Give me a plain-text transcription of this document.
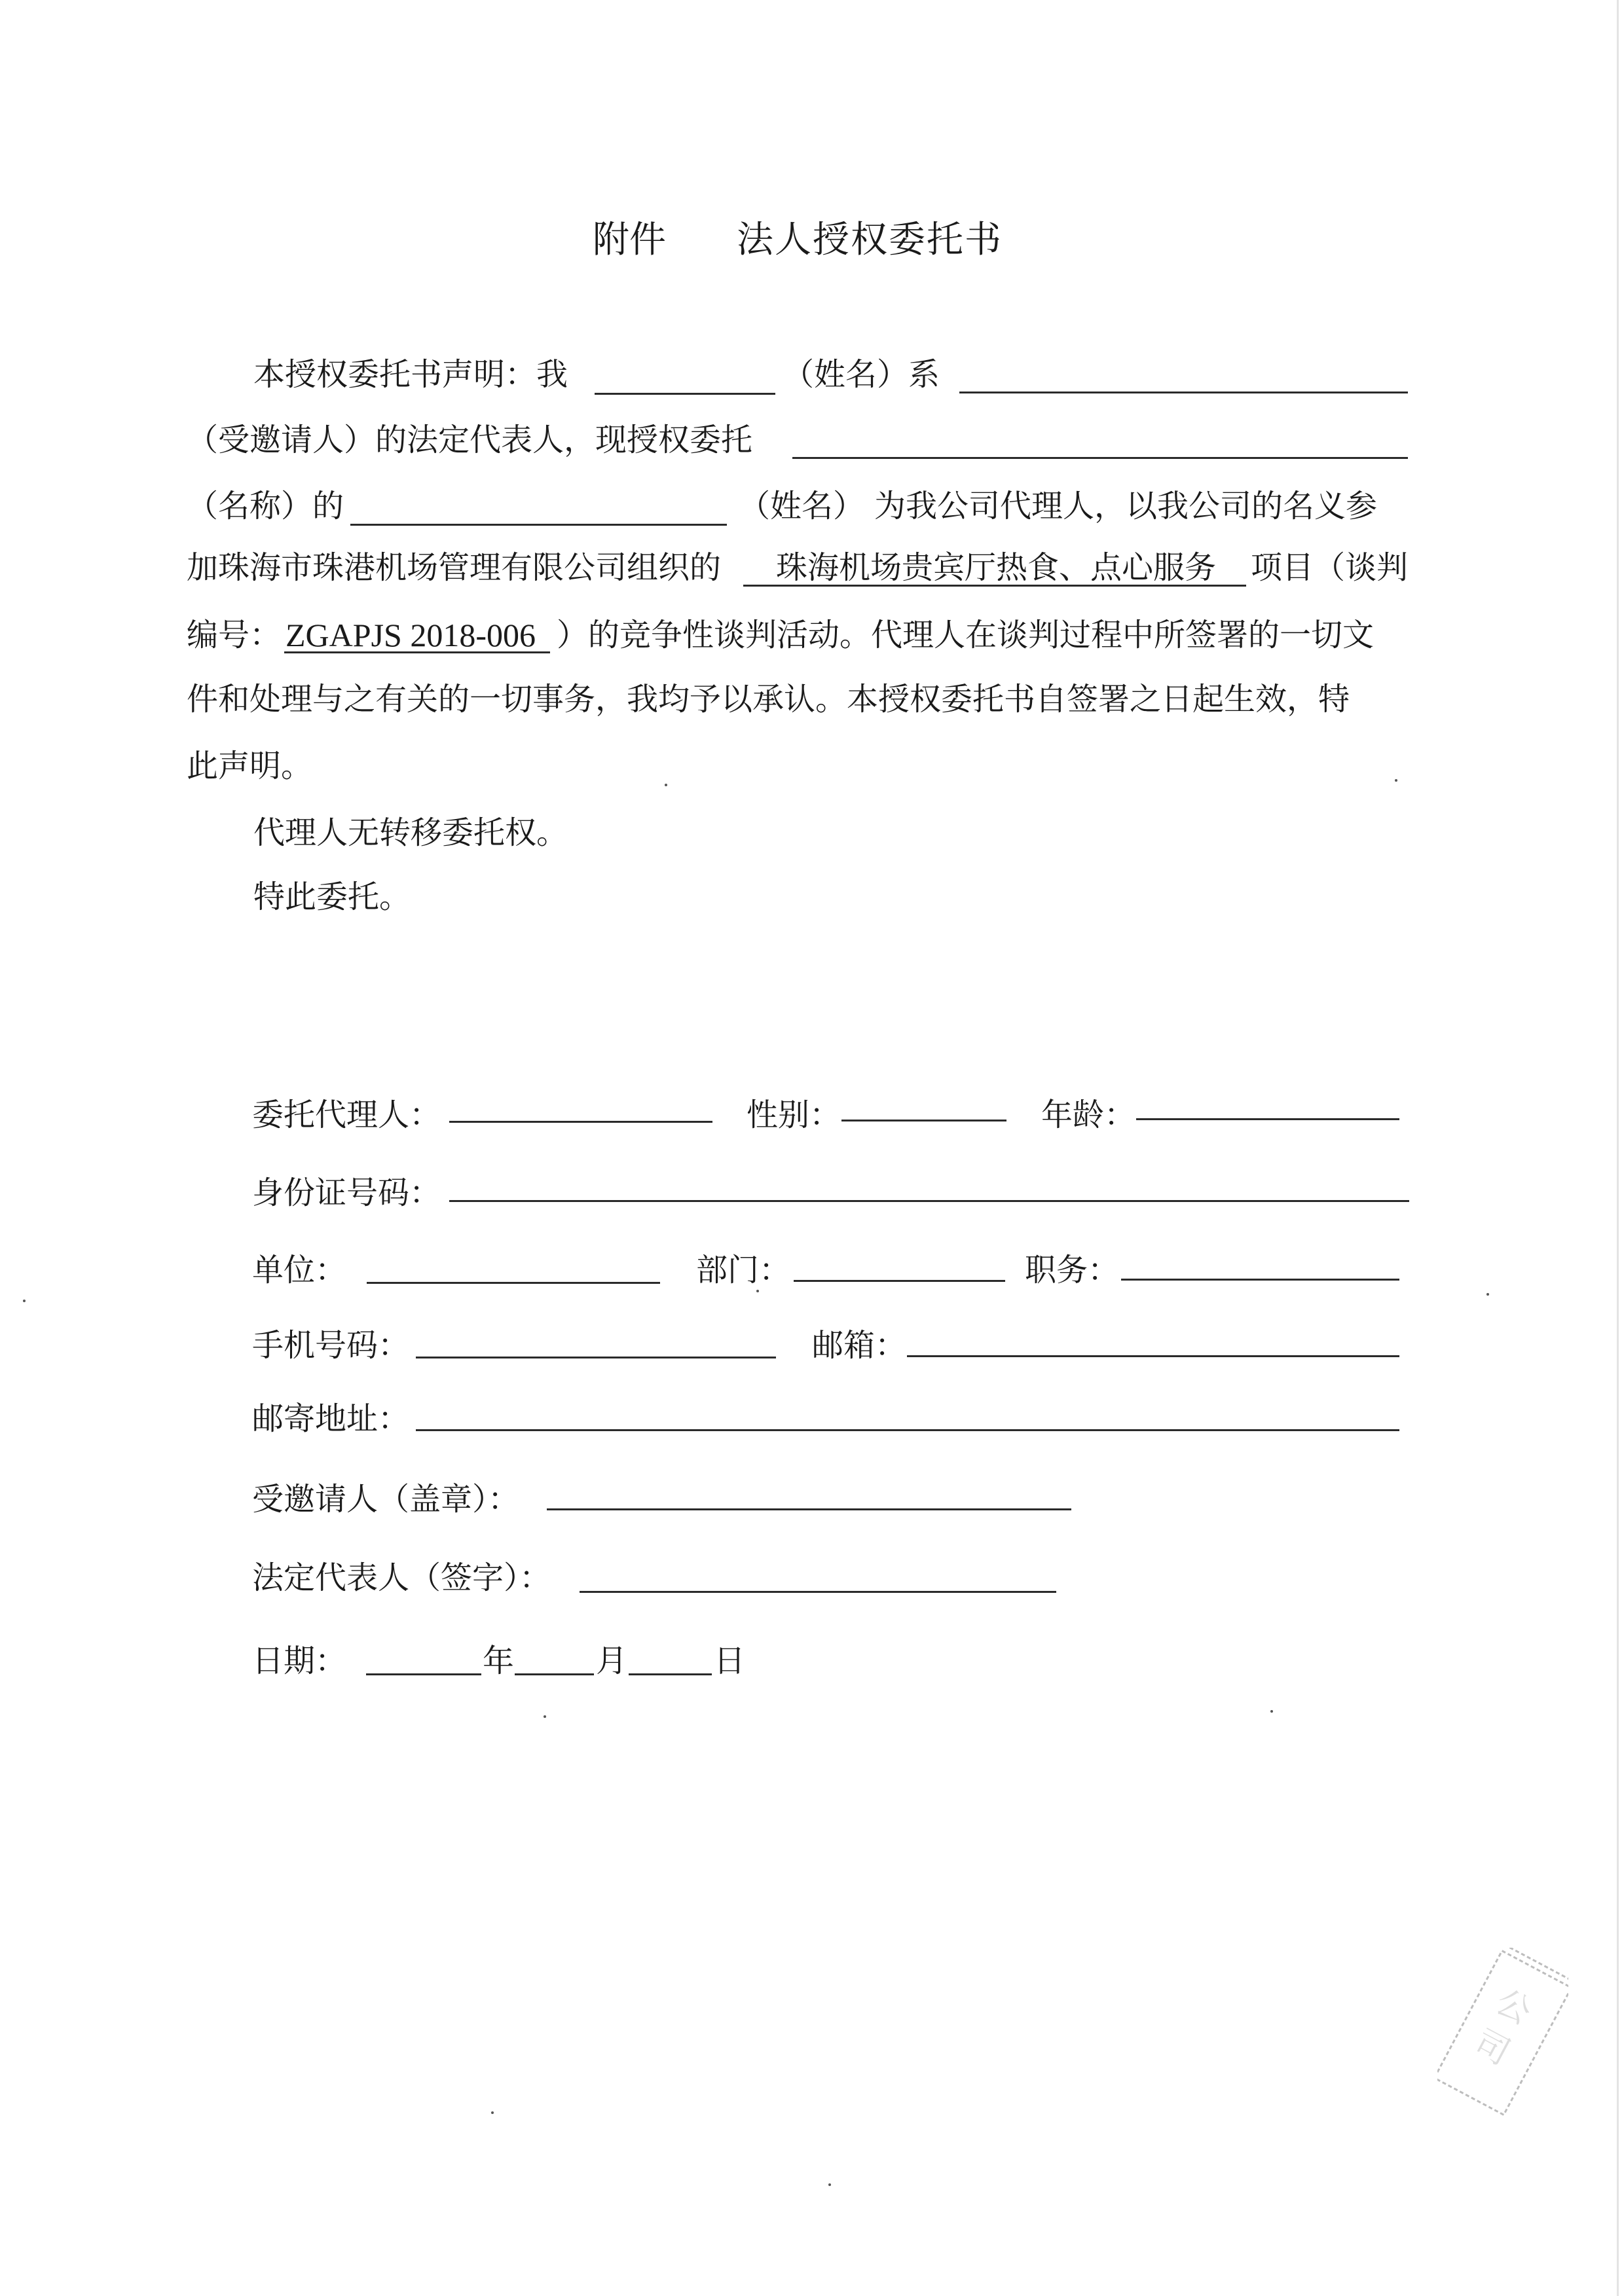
附件 法人授权委托书
本授权委托书声明：我	（姓名）系
（受邀请人）的法定代表人，现授权委托
（名称）的	（姓名） 为我公司代理人，以我公司的名义参
加珠海市珠港机场管理有限公司组织的 珠海机场贵宾厅热食、点心服务 项目（谈判
编号： ZGAPJS 2018-006 ）的竞争性谈判活动。代理人在谈判过程中所签署的一切文
件和处理与之有关的一切事务，我均予以承认。本授权委托书自签署之日起生效，特
此声明。
代理人无转移委托权。
特此委托。
委托代理人：	性别：	年龄：
身份证号码：
单位：	部门：	职务：
手机号码：	邮箱：
邮寄地址：
受邀请人（盖章）：
法定代表人（签字）：
日期：	年	月	日
公
司
